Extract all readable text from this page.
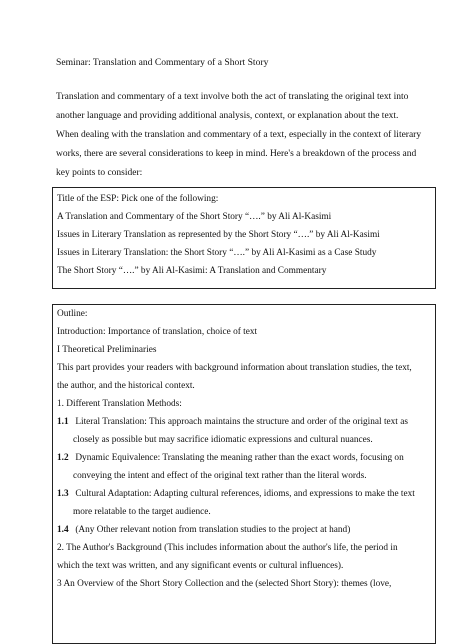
Seminar: Translation and Commentary of a Short Story
Translation and commentary of a text involve both the act of translating the original text into
another language and providing additional analysis, context, or explanation about the text.
When dealing with the translation and commentary of a text, especially in the context of literary
works, there are several considerations to keep in mind. Here's a breakdown of the process and
key points to consider:
Title of the ESP: Pick one of the following:
A Translation and Commentary of the Short Story “….” by Ali Al-Kasimi
Issues in Literary Translation as represented by the Short Story “….” by Ali Al-Kasimi
Issues in Literary Translation: the Short Story “….” by Ali Al-Kasimi as a Case Study
The Short Story “….” by Ali Al-Kasimi: A Translation and Commentary
Outline:
Introduction: Importance of translation, choice of text
I Theoretical Preliminaries
This part provides your readers with background information about translation studies, the text,
the author, and the historical context.
1. Different Translation Methods:
1.1 Literal Translation: This approach maintains the structure and order of the original text as
closely as possible but may sacrifice idiomatic expressions and cultural nuances.
1.2 Dynamic Equivalence: Translating the meaning rather than the exact words, focusing on
conveying the intent and effect of the original text rather than the literal words.
1.3 Cultural Adaptation: Adapting cultural references, idioms, and expressions to make the text
more relatable to the target audience.
1.4 (Any Other relevant notion from translation studies to the project at hand)
2. The Author's Background (This includes information about the author's life, the period in
which the text was written, and any significant events or cultural influences).
3 An Overview of the Short Story Collection and the (selected Short Story): themes (love,
